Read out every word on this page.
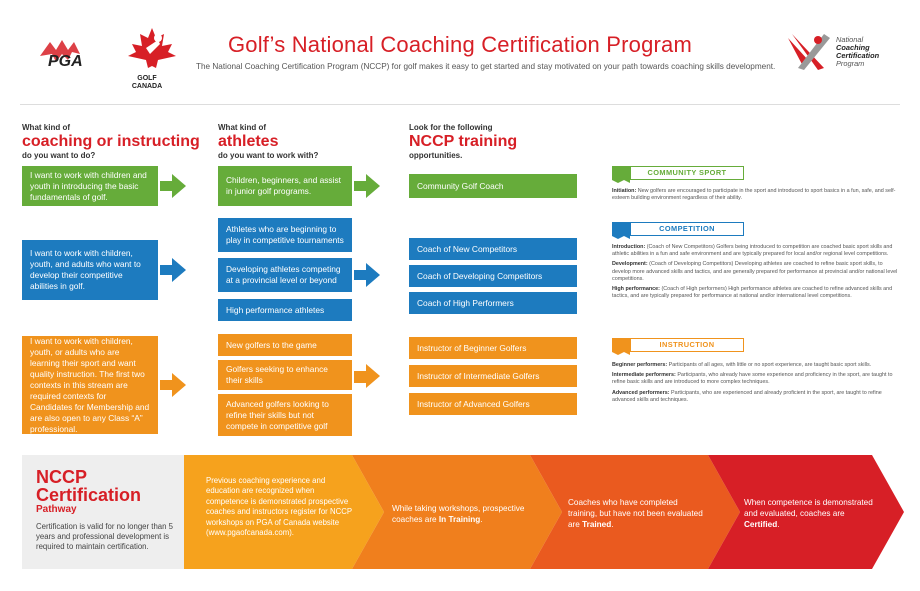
PGA
GOLF CANADA
National
Coaching
Certification
Program
Golf’s National Coaching Certification Program
The National Coaching Certification Program (NCCP) for golf makes it easy to get started and stay motivated on your path towards coaching skills development.
What kind of
coaching or instructing
do you want to do?
What kind of
athletes
do you want to work with?
Look for the following
NCCP training
opportunities.
I want to work with children and youth in introducing the basic fundamentals of golf.
I want to work with children, youth, and adults who want to develop their competitive abilities in golf.
I want to work with children, youth, or adults who are learning their sport and want quality instruction. The first two contexts in this stream are required contexts for Candidates for Membership and are also open to any Class “A” professional.
Children, beginners, and assist in junior golf programs.
Athletes who are beginning to play in competitive tournaments
Developing athletes competing at a provincial level or beyond
High performance athletes
New golfers to the game
Golfers seeking to enhance their skills
Advanced golfers looking to refine their skills but not compete in competitive golf
Community Golf Coach
Coach of New Competitors
Coach of Developing Competitors
Coach of High Performers
Instructor of Beginner Golfers
Instructor of Intermediate Golfers
Instructor of Advanced Golfers
COMMUNITY SPORT

Initiation: New golfers are encouraged to participate in the sport and introduced to sport basics in a fun, safe, and self-esteem building environment regardless of their ability.

COMPETITION

Introduction: (Coach of New Competitors) Golfers being introduced to competition are coached basic sport skills and athletic abilities in a fun and safe environment and are typically prepared for local and/or regional level competitions.

Development: (Coach of Developing Competitors) Developing athletes are coached to refine basic sport skills, to develop more advanced skills and tactics, and are generally prepared for performance at provincial and/or national level competitions.

High performance: (Coach of High performers) High performance athletes are coached to refine advanced skills and tactics, and are typically prepared for performance at national and/or international level competitions.

INSTRUCTION

Beginner performers: Participants of all ages, with little or no sport experience, are taught basic sport skills.

Intermediate performers: Participants, who already have some experience and proficiency in the sport, are taught to refine basic skills and are introduced to more complex techniques.

Advanced performers: Participants, who are experienced and already proficient in the sport, are taught to refine advanced skills and techniques.

NCCP
Certification
Pathway
Certification is valid for no longer than 5 years and professional development is required to maintain certification.
Previous coaching experience and education are recognized when competence is demonstrated prospective coaches and instructors register for NCCP workshops on PGA of Canada website (www.pgaofcanada.com).
While taking workshops, prospective coaches are In Training.
Coaches who have completed training, but have not been evaluated are Trained.
When competence is demonstrated and evaluated, coaches are Certified.
